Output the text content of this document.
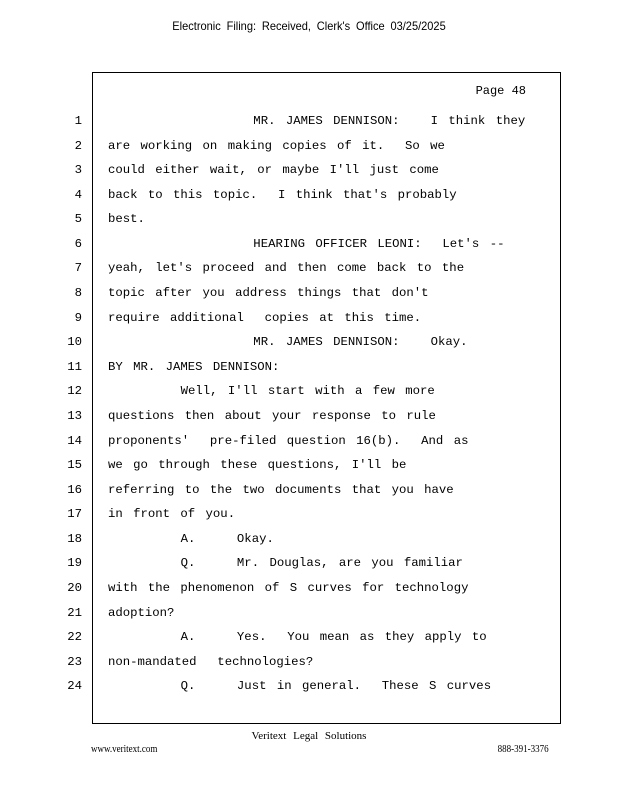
Electronic Filing: Received, Clerk's Office 03/25/2025
Page 48
1 MR. JAMES DENNISON:   I think they
2 are working on making copies of it.  So we
3 could either wait, or maybe I'll just come
4 back to this topic.  I think that's probably
5 best.
6 HEARING OFFICER LEONI:  Let's --
7 yeah, let's proceed and then come back to the
8 topic after you address things that don't
9 require additional  copies at this time.
10 MR. JAMES DENNISON:   Okay.
11 BY MR. JAMES DENNISON:
12 Well, I'll start with a few more
13 questions then about your response to rule
14 proponents'  pre-filed question 16(b).  And as
15 we go through these questions, I'll be
16 referring to the two documents that you have
17 in front of you.
18 A.    Okay.
19 Q.    Mr. Douglas, are you familiar
20 with the phenomenon of S curves for technology
21 adoption?
22 A.    Yes.  You mean as they apply to
23 non-mandated  technologies?
24 Q.    Just in general.  These S curves
Veritext Legal Solutions
www.veritext.com	888-391-3376
